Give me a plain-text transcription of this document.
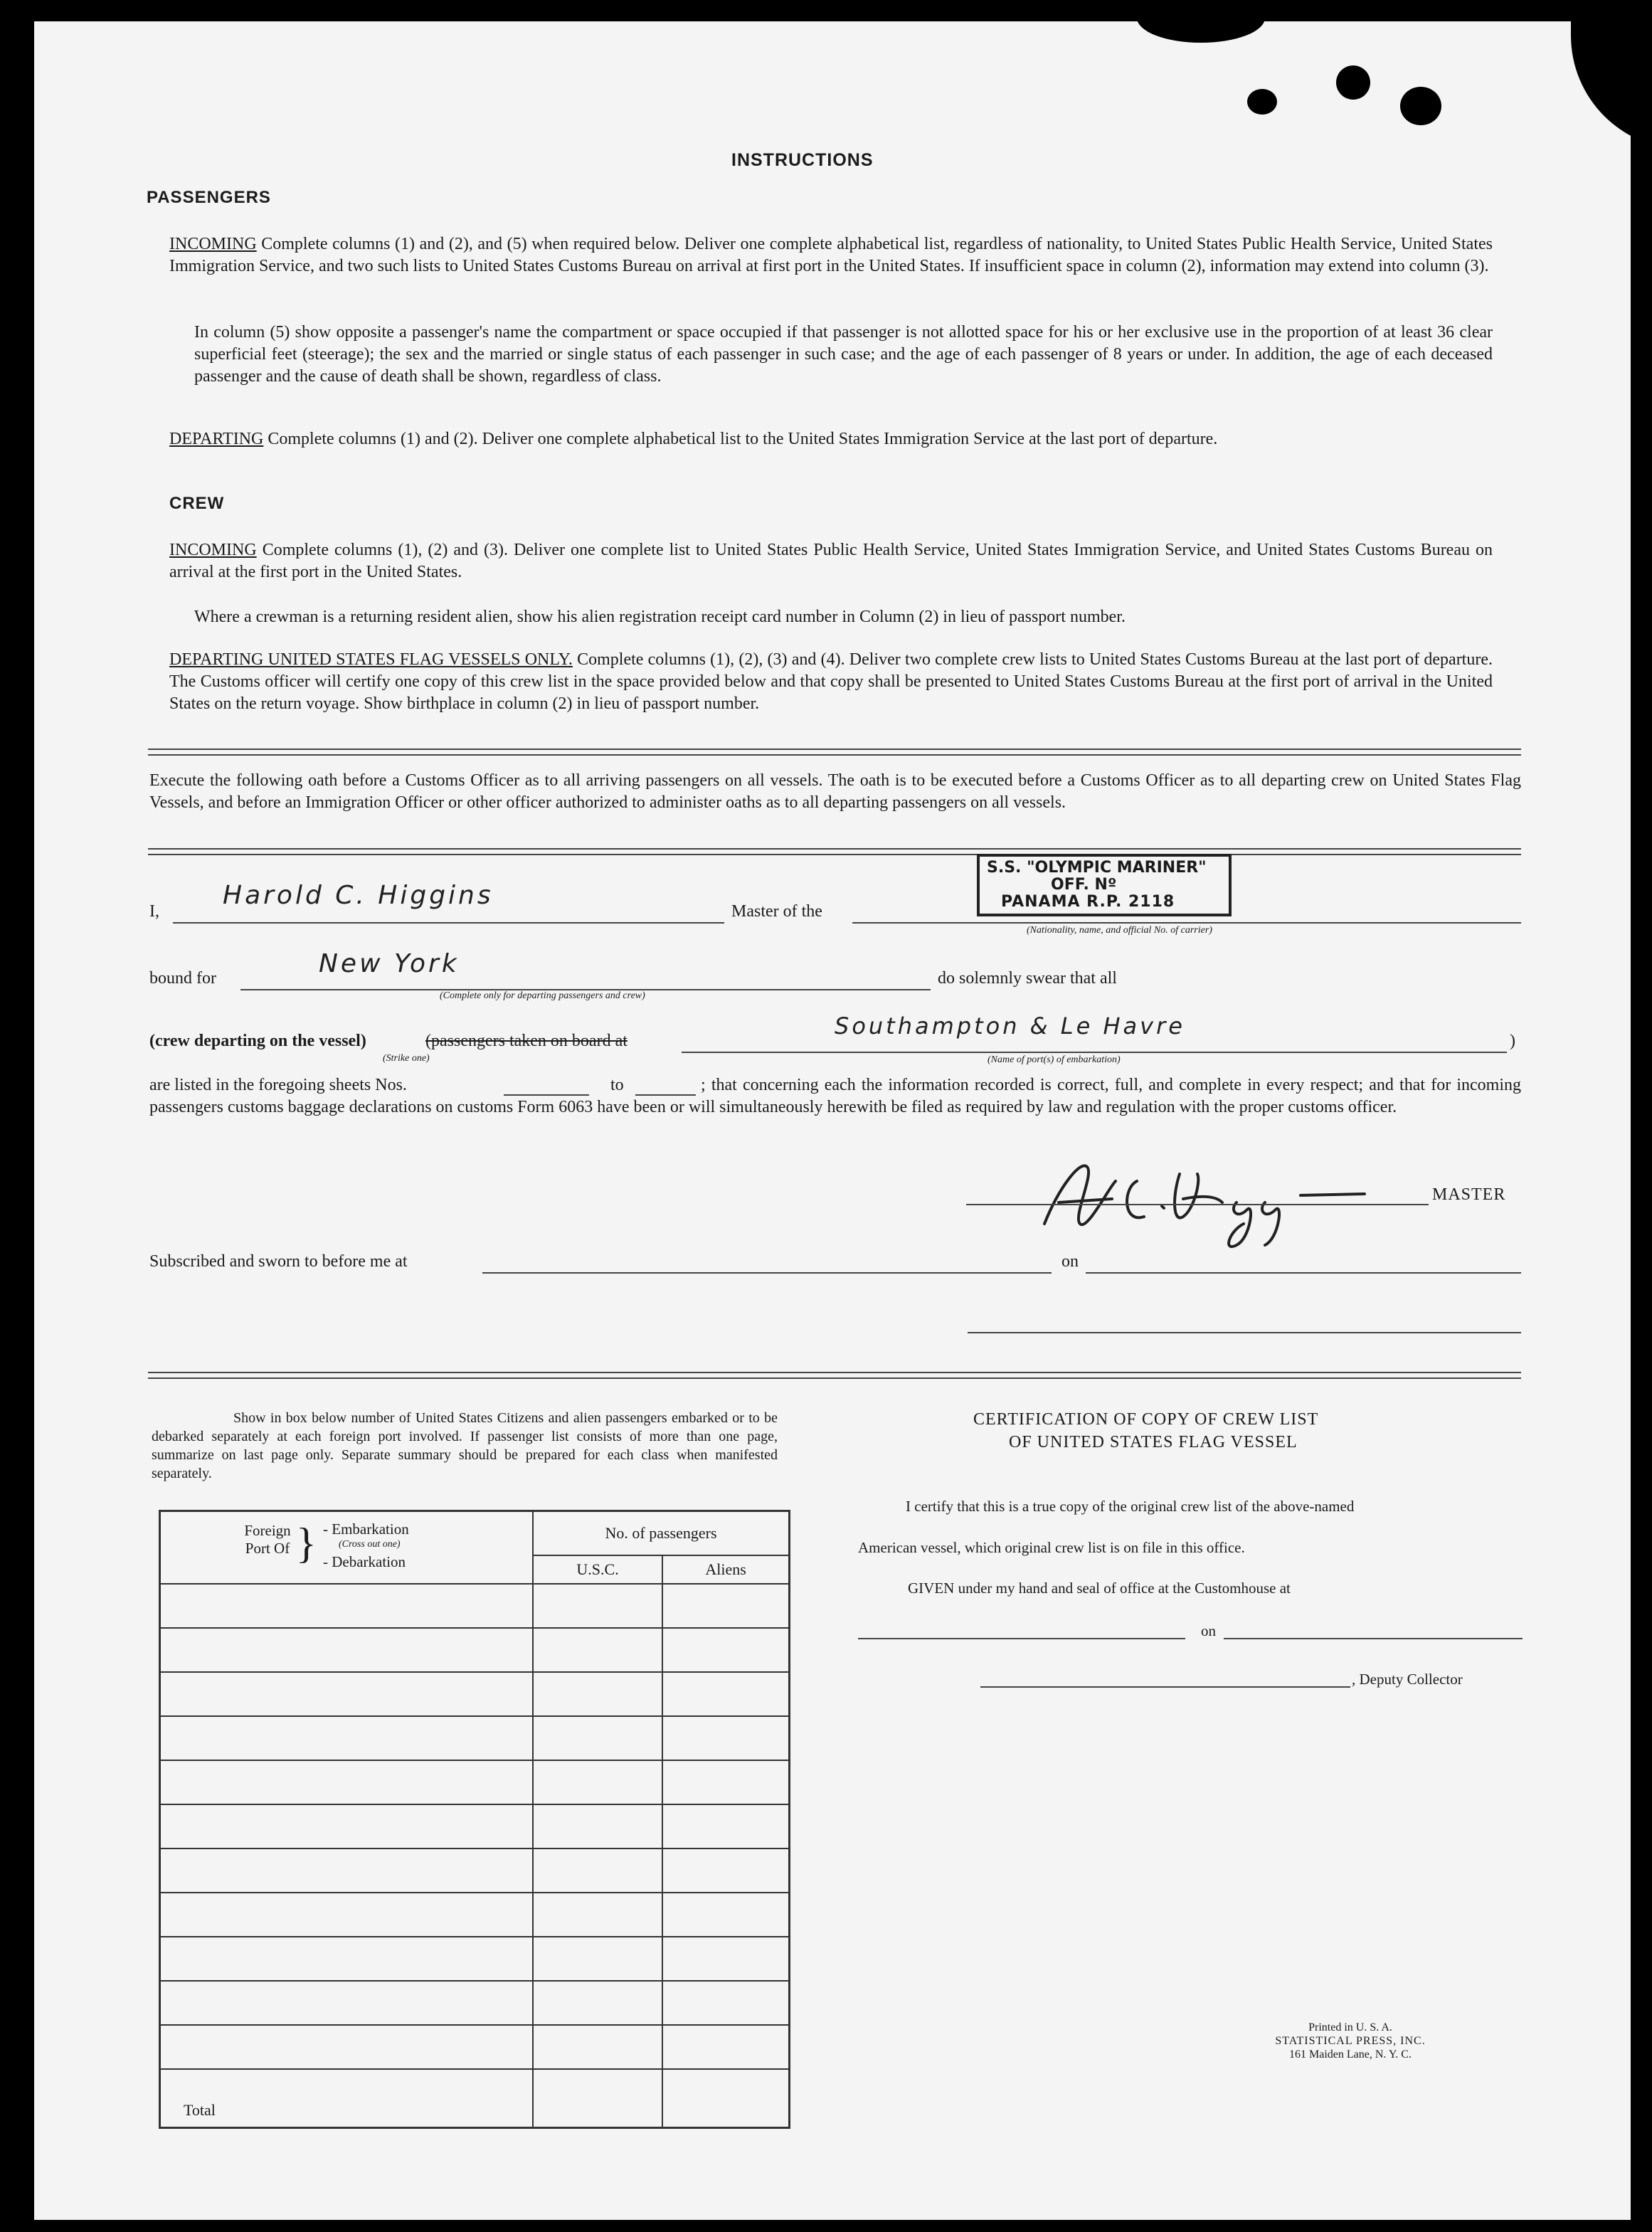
INSTRUCTIONS
PASSENGERS
INCOMING Complete columns (1) and (2), and (5) when required below. Deliver one complete alphabetical list, regardless of nationality, to United States Public Health Service, United States Immigration Service, and two such lists to United States Customs Bureau on arrival at first port in the United States. If insufficient space in column (2), information may extend into column (3).
In column (5) show opposite a passenger's name the compartment or space occupied if that passenger is not allotted space for his or her exclusive use in the proportion of at least 36 clear superficial feet (steerage); the sex and the married or single status of each passenger in such case; and the age of each passenger of 8 years or under. In addition, the age of each deceased passenger and the cause of death shall be shown, regardless of class.
DEPARTING Complete columns (1) and (2). Deliver one complete alphabetical list to the United States Immigration Service at the last port of departure.
CREW
INCOMING Complete columns (1), (2) and (3). Deliver one complete list to United States Public Health Service, United States Immigration Service, and United States Customs Bureau on arrival at the first port in the United States.
Where a crewman is a returning resident alien, show his alien registration receipt card number in Column (2) in lieu of passport number.
DEPARTING UNITED STATES FLAG VESSELS ONLY. Complete columns (1), (2), (3) and (4). Deliver two complete crew lists to United States Customs Bureau at the last port of departure. The Customs officer will certify one copy of this crew list in the space provided below and that copy shall be presented to United States Customs Bureau at the first port of arrival in the United States on the return voyage. Show birthplace in column (2) in lieu of passport number.
Execute the following oath before a Customs Officer as to all arriving passengers on all vessels. The oath is to be executed before a Customs Officer as to all departing crew on United States Flag Vessels, and before an Immigration Officer or other officer authorized to administer oaths as to all departing passengers on all vessels.
I,
Harold C. Higgins
Master of the
S.S. "OLYMPIC MARINER"
OFF. Nº
PANAMA R.P. 2118
(Nationality, name, and official No. of carrier)
bound for	New York
(Complete only for departing passengers and crew)
do solemnly swear that all
(crew departing on the vessel)	(passengers taken on board at
(Strike one)
Southampton & Le Havre
(Name of port(s) of embarkation)
)
are listed in the foregoing sheets Nos.	to	; that concerning each the information recorded is correct, full, and complete in every respect; and that for incoming passengers customs baggage declarations on customs Form 6063 have been or will simultaneously herewith be filed as required by law and regulation with the proper customs officer.
MASTER
Subscribed and sworn to before me at	on
Show in box below number of United States Citizens and alien passengers embarked or to be debarked separately at each foreign port involved. If passenger list consists of more than one page, summarize on last page only. Separate summary should be prepared for each class when manifested separately.
Foreign Port Of } - Embarkation
(Cross out one)
- Debarkation	No. of passengers	
	U.S.C.	Aliens

Total		
CERTIFICATION OF COPY OF CREW LIST
OF UNITED STATES FLAG VESSEL
I certify that this is a true copy of the original crew list of the above-named
American vessel, which original crew list is on file in this office.
GIVEN under my hand and seal of office at the Customhouse at
on
, Deputy Collector
Printed in U. S. A.
STATISTICAL PRESS, INC.
161 Maiden Lane, N. Y. C.
